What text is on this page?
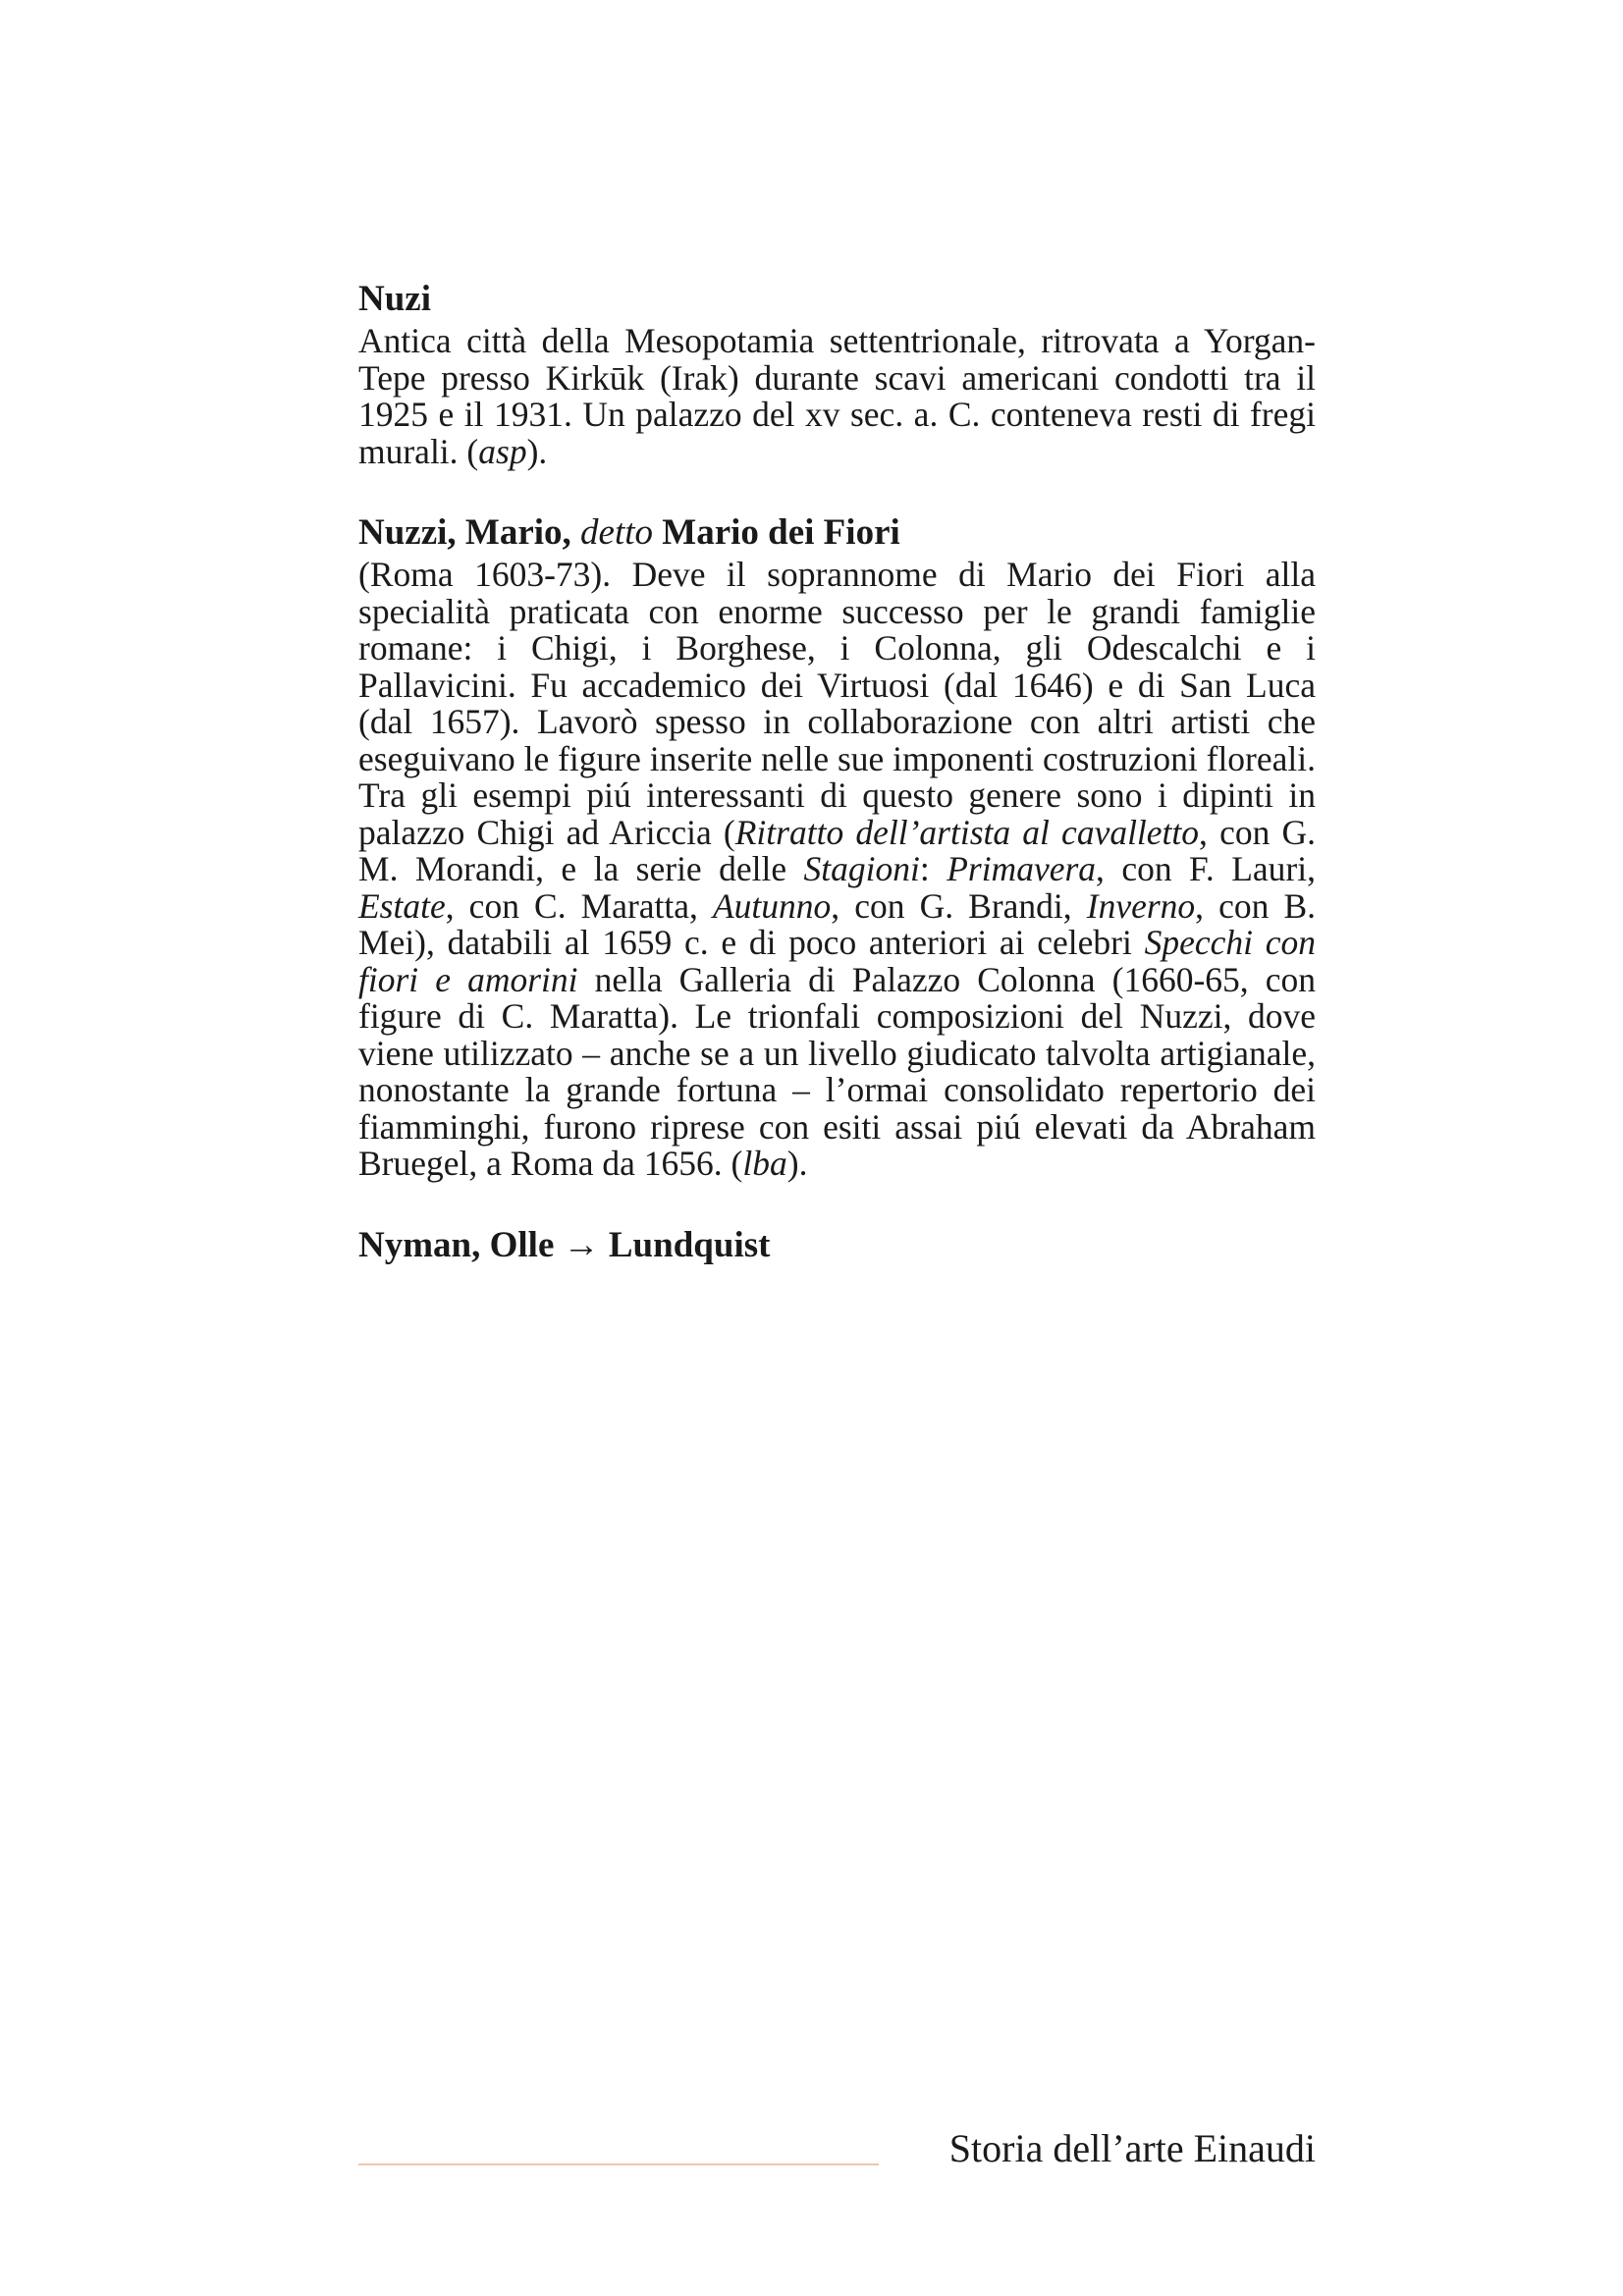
Nuzi

Antica città della Mesopotamia settentrionale, ritrovata a Yorgan-Tepe presso Kirkūk (Irak) durante scavi americani condotti tra il 1925 e il 1931. Un palazzo del xv sec. a. C. conteneva resti di fregi murali. (asp).

Nuzzi, Mario, detto Mario dei Fiori

(Roma 1603-73). Deve il soprannome di Mario dei Fiori alla specialità praticata con enorme successo per le grandi famiglie romane: i Chigi, i Borghese, i Colonna, gli Odescalchi e i Pallavicini. Fu accademico dei Virtuosi (dal 1646) e di San Luca (dal 1657). Lavorò spesso in collaborazione con altri artisti che eseguivano le figure inserite nelle sue imponenti costruzioni floreali. Tra gli esempi piú interessanti di questo genere sono i dipinti in palazzo Chigi ad Ariccia (Ritratto dell’artista al cavalletto, con G. M. Morandi, e la serie delle Stagioni: Primavera, con F. Lauri, Estate, con C. Maratta, Autunno, con G. Brandi, Inverno, con B. Mei), databili al 1659 c. e di poco anteriori ai celebri Specchi con fiori e amorini nella Galleria di Palazzo Colonna (1660-65, con figure di C. Maratta). Le trionfali composizioni del Nuzzi, dove viene utilizzato – anche se a un livello giudicato talvolta artigianale, nonostante la grande fortuna – l’ormai consolidato repertorio dei fiamminghi, furono riprese con esiti assai piú elevati da Abraham Bruegel, a Roma da 1656. (lba).

Nyman, Olle → Lundquist
Storia dell’arte Einaudi
